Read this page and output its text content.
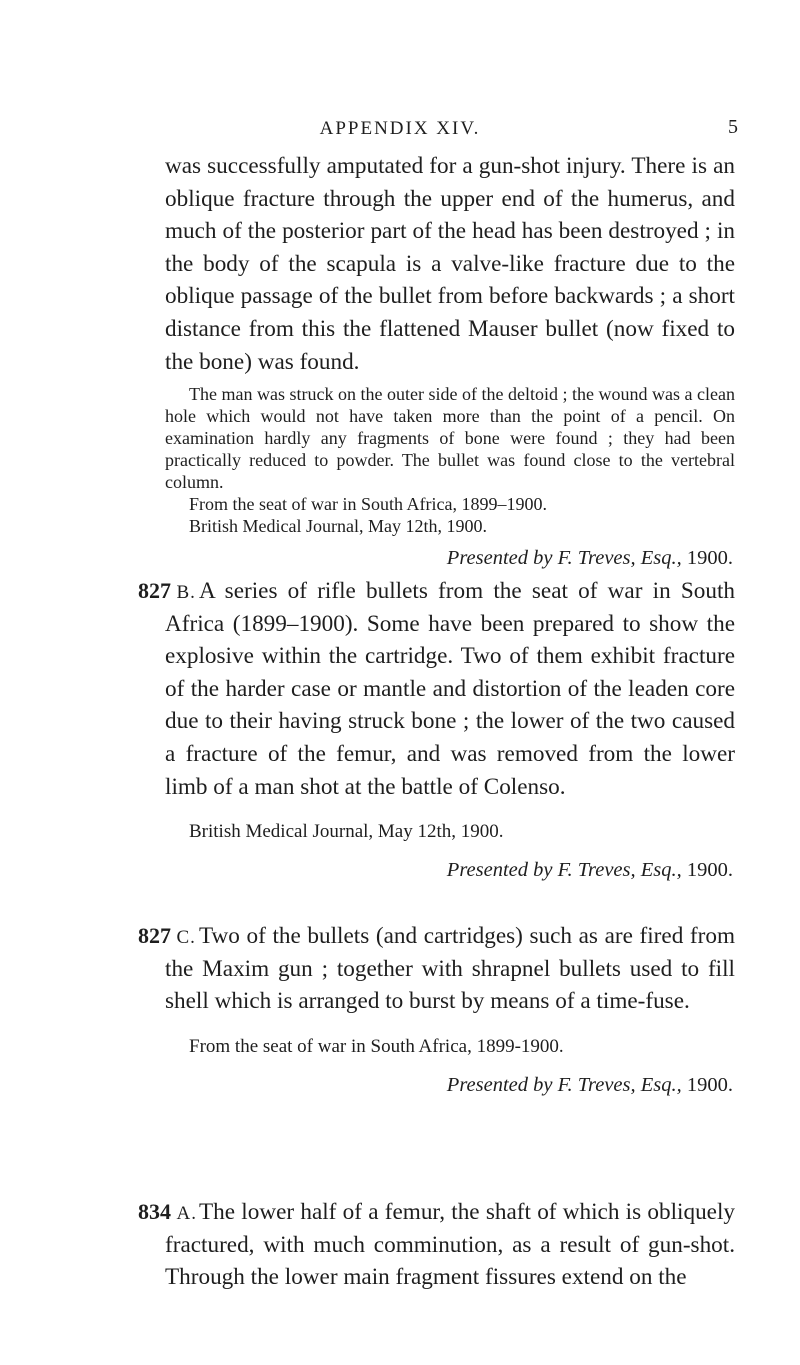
APPENDIX XIV.	5

was successfully amputated for a gun-shot injury. There is an oblique fracture through the upper end of the humerus, and much of the posterior part of the head has been destroyed ; in the body of the scapula is a valve-like fracture due to the oblique passage of the bullet from before backwards ; a short distance from this the flattened Mauser bullet (now fixed to the bone) was found.

The man was struck on the outer side of the deltoid ; the wound was a clean hole which would not have taken more than the point of a pencil. On examination hardly any fragments of bone were found ; they had been practically reduced to powder. The bullet was found close to the vertebral column.

From the seat of war in South Africa, 1899–1900.

British Medical Journal, May 12th, 1900.

Presented by F. Treves, Esq., 1900.

827 B. A series of rifle bullets from the seat of war in South Africa (1899–1900). Some have been prepared to show the explosive within the cartridge. Two of them exhibit fracture of the harder case or mantle and distortion of the leaden core due to their having struck bone ; the lower of the two caused a fracture of the femur, and was removed from the lower limb of a man shot at the battle of Colenso.

British Medical Journal, May 12th, 1900.

Presented by F. Treves, Esq., 1900.

827 C. Two of the bullets (and cartridges) such as are fired from the Maxim gun ; together with shrapnel bullets used to fill shell which is arranged to burst by means of a time-fuse.

From the seat of war in South Africa, 1899-1900.

Presented by F. Treves, Esq., 1900.

834 A. The lower half of a femur, the shaft of which is obliquely fractured, with much comminution, as a result of gun-shot. Through the lower main fragment fissures extend on the
